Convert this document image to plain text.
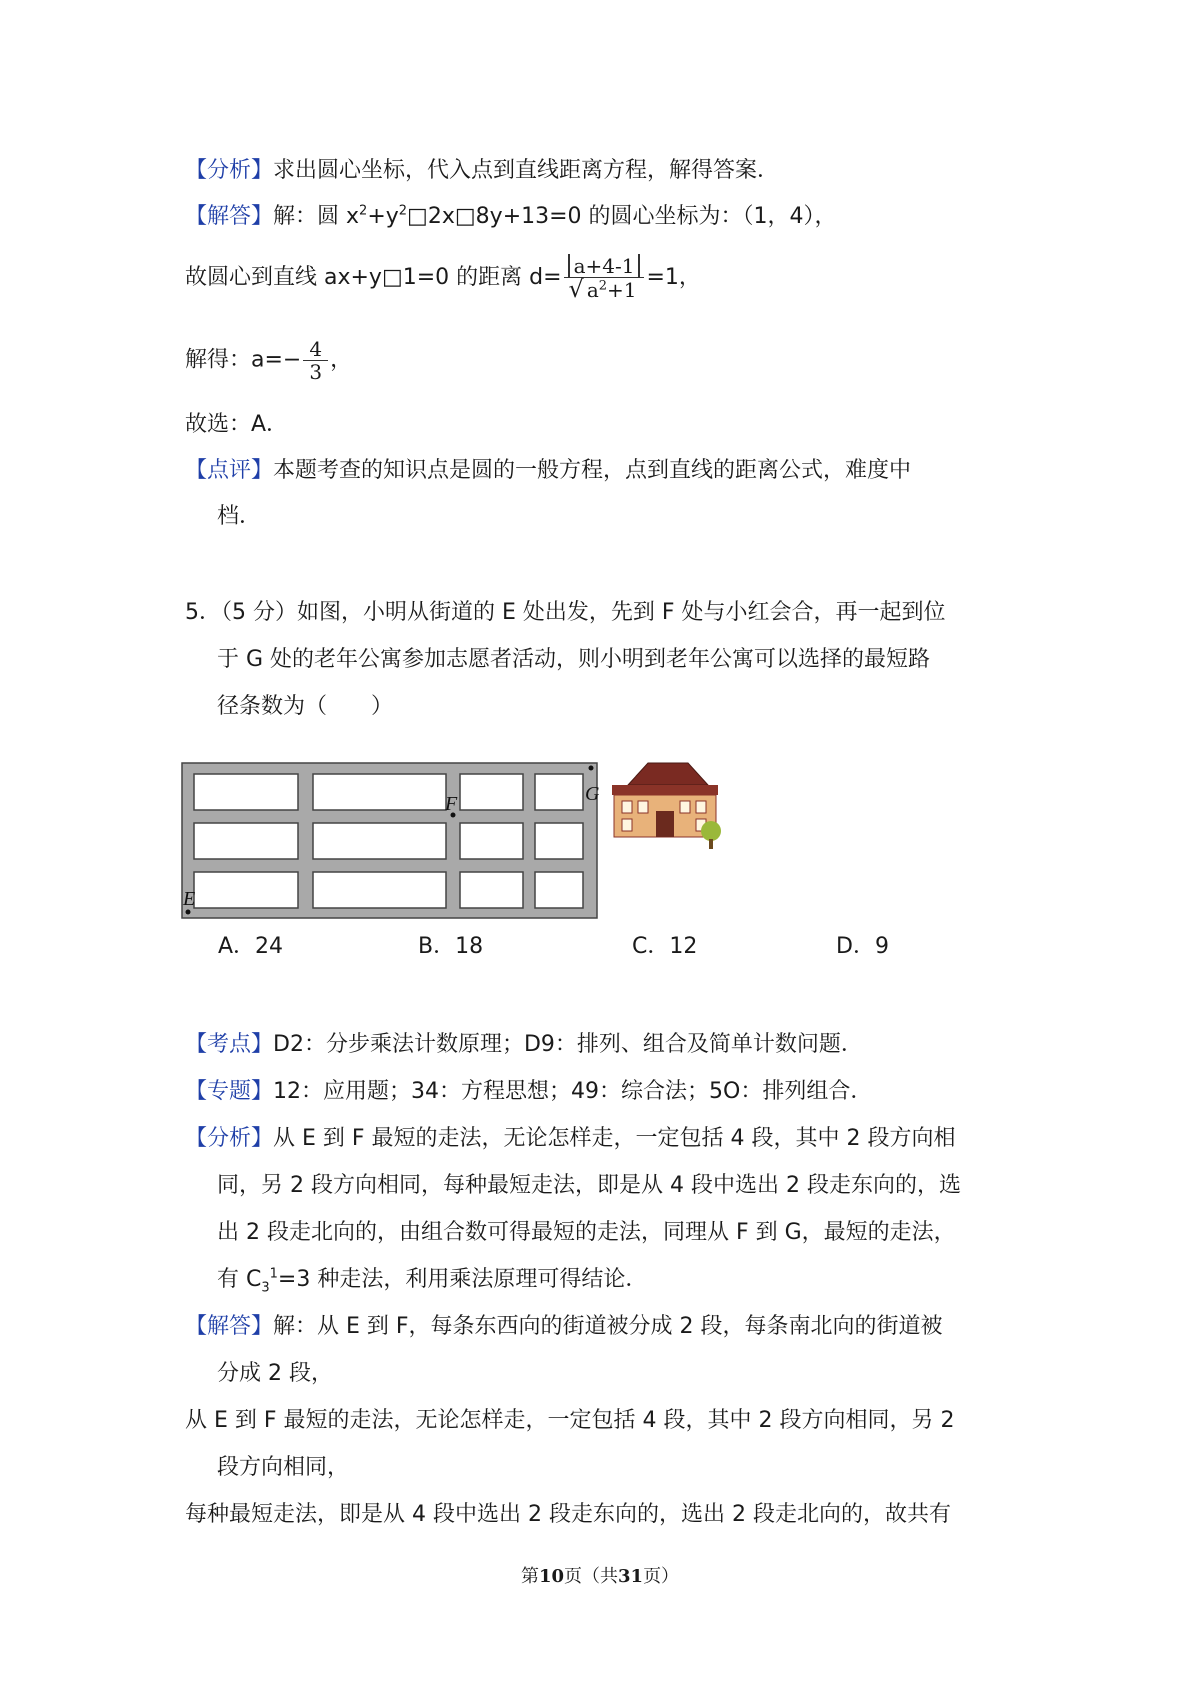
【分析】求出圆心坐标，代入点到直线距离方程，解得答案．
【解答】解：圆 $x^2+y^2□2x□8y+13=0$ 的圆心坐标为：（1，4），
故圆心到直线 ax+y□1=0 的距离 $d= \frac{a+4-1}{√ a^2+1} =1$，
解得：$a=- \frac{4}{3}$ ，
故选：A．
【点评】本题考查的知识点是圆的一般方程，点到直线的距离公式，难度中
档．
5．（5 分）如图，小明从街道的 E 处出发，先到 F 处与小红会合，再一起到位
于 G 处的老年公寓参加志愿者活动，则小明到老年公寓可以选择的最短路
径条数为（　　）
E
F	G
A．24	B．18	C．12	D．9
【考点】D2：分步乘法计数原理；D9：排列、组合及简单计数问题．
【专题】12：应用题；34：方程思想；49：综合法；5O：排列组合．
【分析】从 E 到 F 最短的走法，无论怎样走，一定包括 4 段，其中 2 段方向相
同，另 2 段方向相同，每种最短走法，即是从 4 段中选出 2 段走东向的，选
出 2 段走北向的，由组合数可得最短的走法，同理从 F 到 G，最短的走法，
有 $C_3^1=3$ 种走法，利用乘法原理可得结论．
【解答】解：从 E 到 F，每条东西向的街道被分成 2 段，每条南北向的街道被
分成 2 段，
从 E 到 F 最短的走法，无论怎样走，一定包括 4 段，其中 2 段方向相同，另 2
段方向相同，
每种最短走法，即是从 4 段中选出 2 段走东向的，选出 2 段走北向的，故共有
第10页（共31页）
